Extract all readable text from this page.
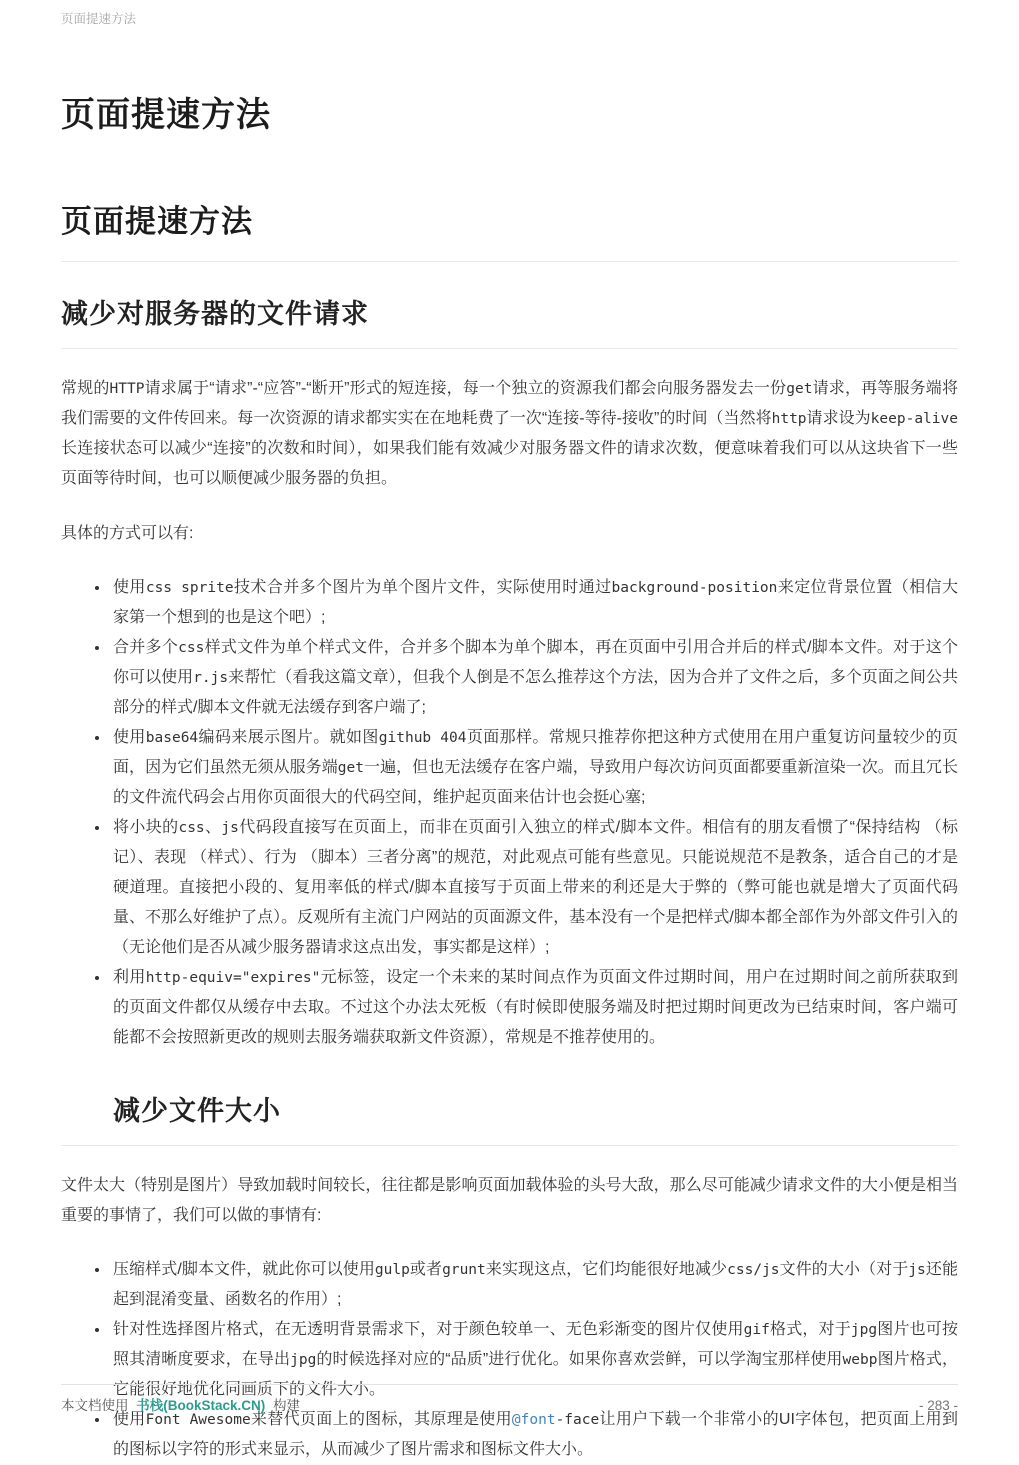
页面提速方法
页面提速方法
页面提速方法
减少对服务器的文件请求

常规的HTTP请求属于“请求”-“应答”-“断开”形式的短连接，每一个独立的资源我们都会向服务器发去一份get请求，再等服务端将我们需要的文件传回来。每一次资源的请求都实实在在地耗费了一次“连接-等待-接收”的时间（当然将http请求设为keep-alive长连接状态可以减少“连接”的次数和时间），如果我们能有效减少对服务器文件的请求次数，便意味着我们可以从这块省下一些页面等待时间，也可以顺便减少服务器的负担。

具体的方式可以有:

• 使用css sprite技术合并多个图片为单个图片文件，实际使用时通过background-position来定位背景位置（相信大家第一个想到的也是这个吧）;
• 合并多个css样式文件为单个样式文件，合并多个脚本为单个脚本，再在页面中引用合并后的样式/脚本文件。对于这个你可以使用r.js来帮忙（看我这篇文章），但我个人倒是不怎么推荐这个方法，因为合并了文件之后，多个页面之间公共部分的样式/脚本文件就无法缓存到客户端了;
• 使用base64编码来展示图片。就如图github 404页面那样。常规只推荐你把这种方式使用在用户重复访问量较少的页面，因为它们虽然无须从服务端get一遍，但也无法缓存在客户端，导致用户每次访问页面都要重新渲染一次。而且冗长的文件流代码会占用你页面很大的代码空间，维护起页面来估计也会挺心塞;
• 将小块的css、js代码段直接写在页面上，而非在页面引入独立的样式/脚本文件。相信有的朋友看惯了“保持结构 （标记）、表现 （样式）、行为 （脚本）三者分离”的规范，对此观点可能有些意见。只能说规范不是教条，适合自己的才是硬道理。直接把小段的、复用率低的样式/脚本直接写于页面上带来的利还是大于弊的（弊可能也就是增大了页面代码量、不那么好维护了点）。反观所有主流门户网站的页面源文件，基本没有一个是把样式/脚本都全部作为外部文件引入的（无论他们是否从减少服务器请求这点出发，事实都是这样）;
• 利用http-equiv="expires"元标签，设定一个未来的某时间点作为页面文件过期时间，用户在过期时间之前所获取到的页面文件都仅从缓存中去取。不过这个办法太死板（有时候即使服务端及时把过期时间更改为已结束时间，客户端可能都不会按照新更改的规则去服务端获取新文件资源），常规是不推荐使用的。
减少文件大小

文件太大（特别是图片）导致加载时间较长，往往都是影响页面加载体验的头号大敌，那么尽可能减少请求文件的大小便是相当重要的事情了，我们可以做的事情有:

• 压缩样式/脚本文件，就此你可以使用gulp或者grunt来实现这点，它们均能很好地减少css/js文件的大小（对于js还能起到混淆变量、函数名的作用）;
• 针对性选择图片格式，在无透明背景需求下，对于颜色较单一、无色彩渐变的图片仅使用gif格式，对于jpg图片也可按照其清晰度要求，在导出jpg的时候选择对应的“品质”进行优化。如果你喜欢尝鲜，可以学淘宝那样使用webp图片格式，它能很好地优化同画质下的文件大小。
• 使用Font Awesome来替代页面上的图标，其原理是使用@font-face让用户下载一个非常小的UI字体包，把页面上用到的图标以字符的形式来显示，从而减少了图片需求和图标文件大小。
本文档使用 书栈(BookStack.CN) 构建	- 283 -
